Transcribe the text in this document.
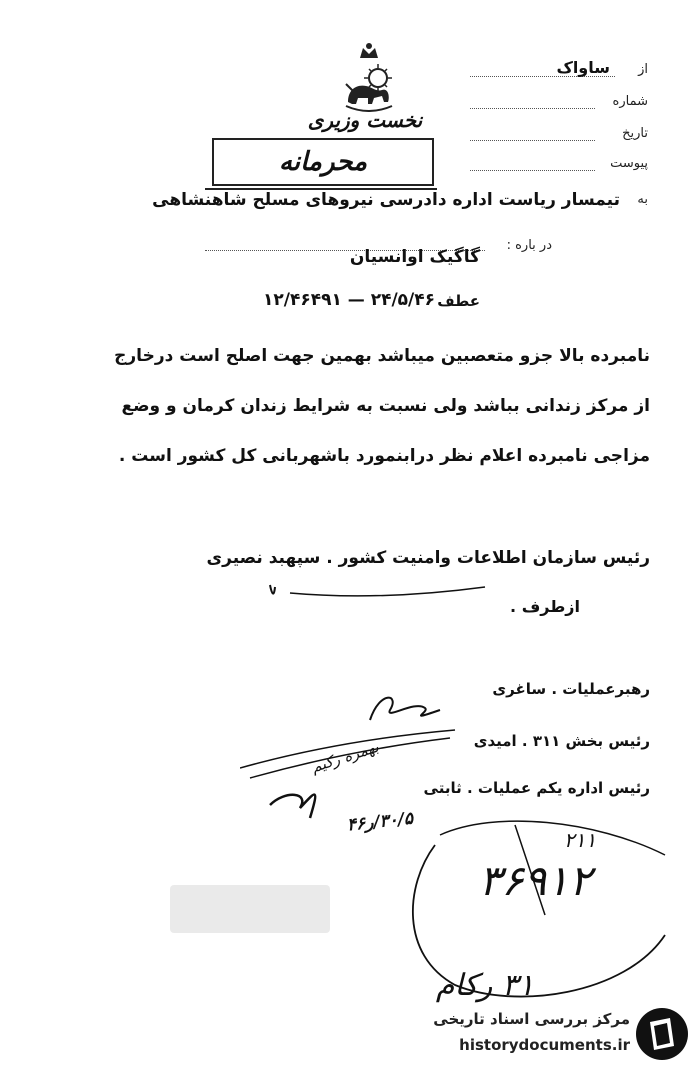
نخست وزیری
محرمانه
از
ساواک
شماره
تاریخ
پیوست
به
تیمسار ریاست اداره دادرسی نیروهای مسلح شاهنشاهی
در باره :
گاگیک اوانسیان
عطف
۱۲/۴۶۴۹۱ — ۲۴/۵/۴۶
نامبرده بالا جزو متعصبین میباشد بهمین جهت اصلح است درخارج
از مرکز زندانی بباشد ولی نسبت به شرایط زندان کرمان و وضع
مزاجی نامبرده اعلام نظر درابنمورد باشهربانی کل کشور است .
رئیس سازمان اطلاعات وامنیت کشور . سپهبد نصیری
ازطرف .
رهبرعملیات . ساغری
رئیس بخش ۳۱۱ . امیدی
رئیس اداره یکم عملیات . ثابتی
بهمره رکیم
۳۰/۵/ر۴۶
۳۶۹۱۲
۲۱۱
۳۱ رکام
مرکز بررسی اسناد تاریخی
historydocuments.ir
